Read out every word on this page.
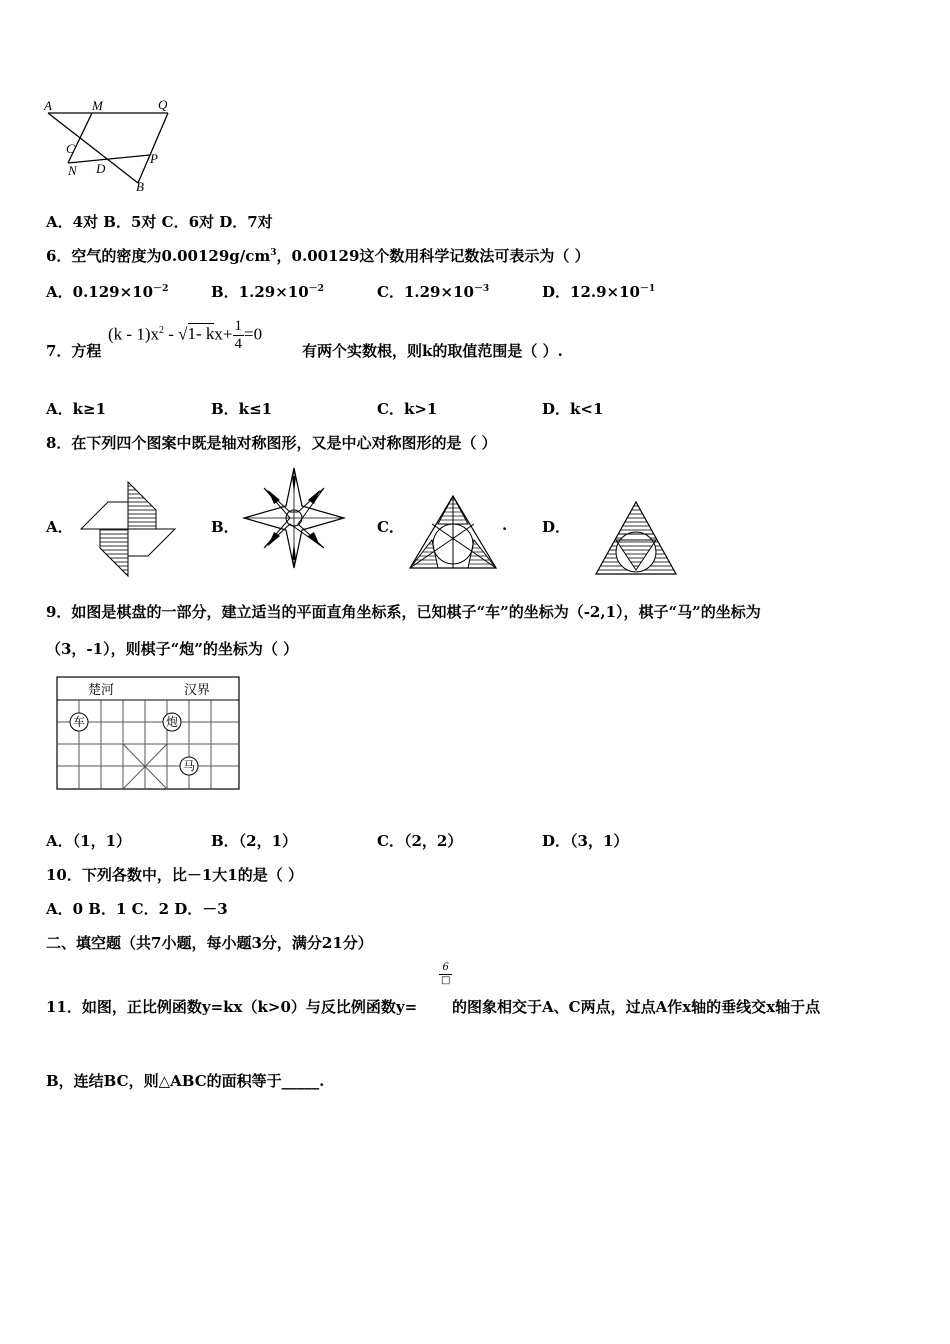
A	M	Q
C
N D
P
B
A．4对 B．5对 C．6对 D．7对
6．空气的密度为$0.00129g/cm^3$，0.00129这个数用科学记数法可表示为（ ）
A．$0.129\times 10^{-2}$	B．$1.29\times 10^{-2}$	C．$1.29\times 10^{-3}$	D．$12.9\times 10^{-1}$
7．方程
$(k - 1)x^2 - √1-$ $kx+ \frac{1}{4} =0$
有两个实数根，则k的取值范围是（ ）.
A．k≥1	B．k≤1	C．k>1	D．k<1
8．在下列四个图案中既是轴对称图形，又是中心对称图形的是（ ）
A．	B．	C．	. D．
9．如图是棋盘的一部分，建立适当的平面直角坐标系，已知棋子“车”的坐标为（-2,1），棋子“马”的坐标为
（3，-1），则棋子“炮”的坐标为（ ）
楚河	汉界
车	炮
马
A．（1，1）	B．（2，1）	C．（2，2）	D．（3，1）
10．下列各数中，比－1大1的是（ ）
A．0 B．1 C．2 D．－3
二、填空题（共7小题，每小题3分，满分21分）
11．如图，正比例函数y=kx（k>0）与反比例函数y=
6
□
的图象相交于A、C两点，过点A作x轴的垂线交x轴于点
B，连结BC，则△ABC的面积等于_____.
